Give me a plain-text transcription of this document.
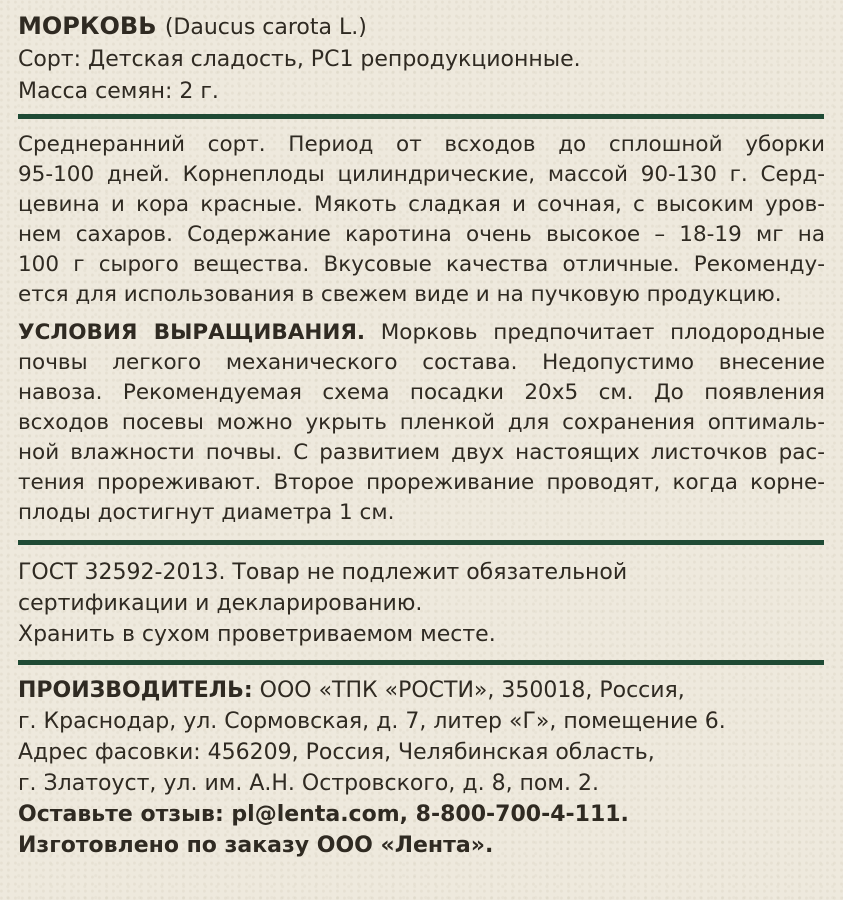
МОРКОВЬ (Daucus carota L.)
Сорт: Детская сладость, РС1 репродукционные.
Масса семян: 2 г.
Среднеранний сорт. Период от всходов до сплошной уборки
95-100 дней. Корнеплоды цилиндрические, массой 90-130 г. Серд-
цевина и кора красные. Мякоть сладкая и сочная, с высоким уров-
нем сахаров. Содержание каротина очень высокое – 18-19 мг на
100 г сырого вещества. Вкусовые качества отличные. Рекоменду-
ется для использования в свежем виде и на пучковую продукцию.
УСЛОВИЯ ВЫРАЩИВАНИЯ. Морковь предпочитает плодородные
почвы легкого механического состава. Недопустимо внесение
навоза. Рекомендуемая схема посадки 20х5 см. До появления
всходов посевы можно укрыть пленкой для сохранения оптималь-
ной влажности почвы. С развитием двух настоящих листочков рас-
тения прореживают. Второе прореживание проводят, когда корне-
плоды достигнут диаметра 1 см.
ГОСТ 32592-2013. Товар не подлежит обязательной
сертификации и декларированию.
Хранить в сухом проветриваемом месте.
ПРОИЗВОДИТЕЛЬ: ООО «ТПК «РОСТИ», 350018, Россия,
г. Краснодар, ул. Сормовская, д. 7, литер «Г», помещение 6.
Адрес фасовки: 456209, Россия, Челябинская область,
г. Златоуст, ул. им. А.Н. Островского, д. 8, пом. 2.
Оставьте отзыв: pl@lenta.com, 8-800-700-4-111.
Изготовлено по заказу ООО «Лента».
